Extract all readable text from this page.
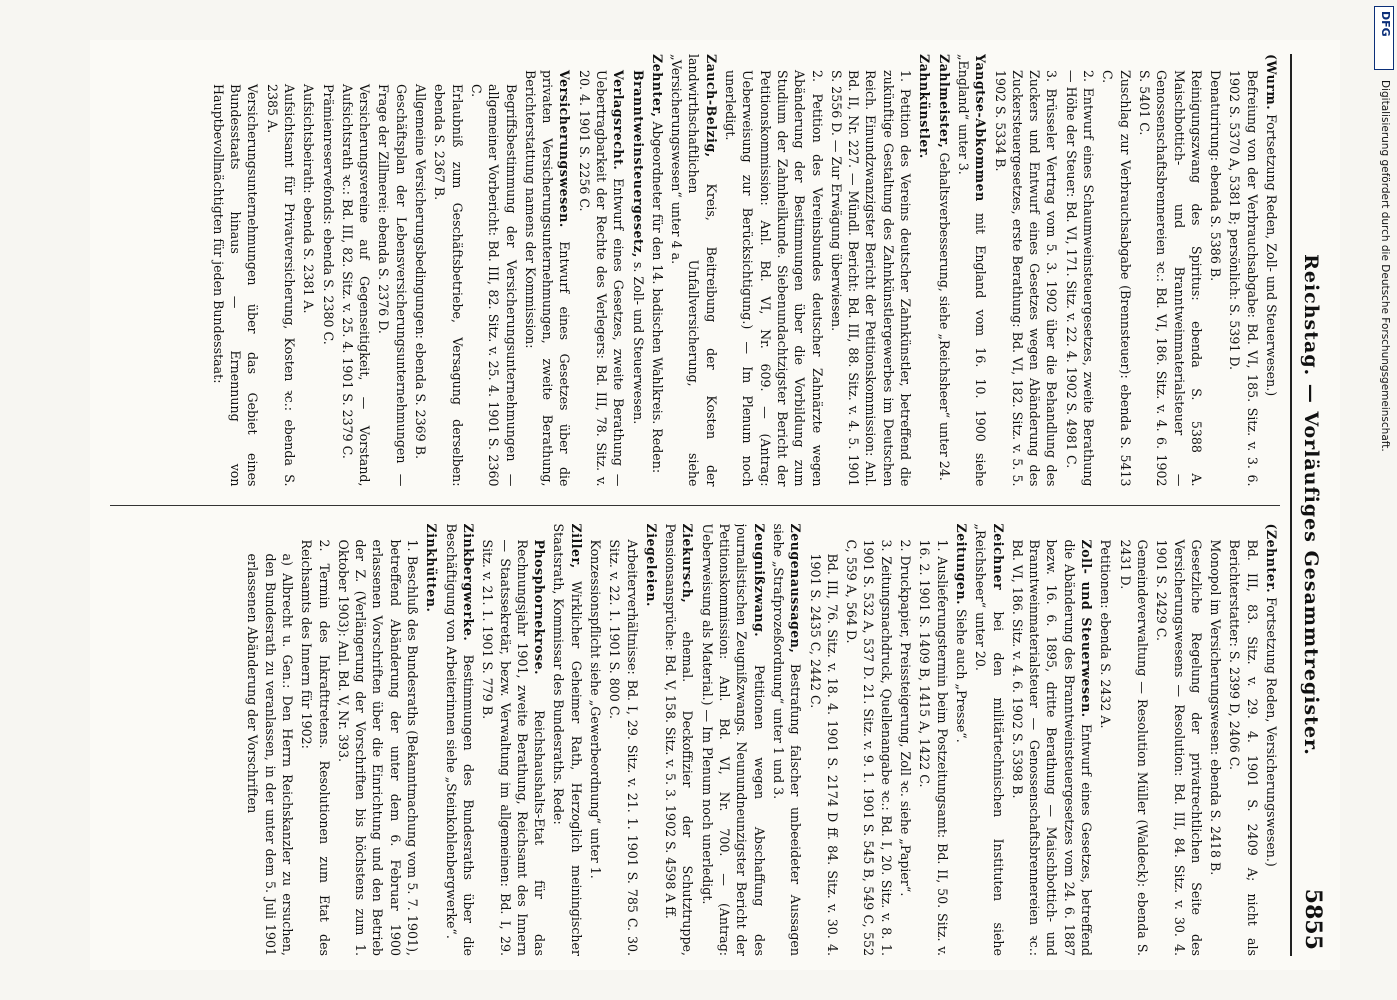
Reichstag. — Vorläufiges Gesammtregister.
5855

(Wurm. Fortsetzung Reden, Zoll- und Steuerwesen.)

Befreiung von der Verbrauchsabgabe: Bd. VI, 185. Sitz. v. 3. 6. 1902 S. 5370 A, 5381 B; persönlich: S. 5391 D.

Denaturirung: ebenda S. 5386 B.

Reinigungszwang des Spiritus: ebenda S. 5388 A. Maischbottich- und Branntweinmaterialsteuer — Genossenschaftsbrennereien ꝛc.: Bd. VI, 186. Sitz. v. 4. 6. 1902 S. 5401 C.

Zuschlag zur Verbrauchsabgabe (Brennsteuer): ebenda S. 5413 C.

2. Entwurf eines Schaumweinsteuergesetzes, zweite Berathung — Höhe der Steuer: Bd. VI, 171. Sitz. v. 22. 4. 1902 S. 4981 C.

3. Brüsseler Vertrag vom 5. 3. 1902 über die Behandlung des Zuckers und Entwurf eines Gesetzes wegen Abänderung des Zuckersteuergesetzes, erste Berathung: Bd. VI, 182. Sitz. v. 5. 5. 1902 S. 5334 B.

Yangtse-Abkommen mit England vom 16. 10. 1900 siehe „England“ unter 3.

Zahlmeister, Gehaltsverbesserung, siehe „Reichsheer“ unter 24.

Zahnkünstler.

1. Petition des Vereins deutscher Zahnkünstler, betreffend die zukünftige Gestaltung des Zahnkünstlergewerbes im Deutschen Reich. Einundzwanzigster Bericht der Petitionskommission: Anl. Bd. II, Nr. 227. — Mündl. Bericht: Bd. III, 88. Sitz. v. 4. 5. 1901 S. 2556 D. — Zur Erwägung überwiesen.

2. Petition des Vereinsbundes deutscher Zahnärzte wegen Abänderung der Bestimmungen über die Vorbildung zum Studium der Zahnheilkunde. Siebenundachtzigster Bericht der Petitionskommission: Anl. Bd. VI, Nr. 609. — (Antrag: Ueberweisung zur Berücksichtigung.) — Im Plenum noch unerledigt.

Zauch-Belzig, Kreis, Beitreibung der Kosten der landwirthschaftlichen Unfallversicherung, siehe „Versicherungswesen“ unter 4 a.

Zehnter, Abgeordneter für den 14. badischen Wahlkreis. Reden:

Branntweinsteuergesetz, s. Zoll- und Steuerwesen.

Verlagsrecht. Entwurf eines Gesetzes, zweite Berathung — Uebertragbarkeit der Rechte des Verlegers: Bd. III, 78. Sitz. v. 20. 4. 1901 S. 2256 C.

Versicherungswesen. Entwurf eines Gesetzes über die privaten Versicherungsunternehmungen, zweite Berathung, Berichterstattung namens der Kommission:

Begriffsbestimmung der Versicherungsunternehmungen — allgemeiner Vorbericht: Bd. III, 82. Sitz. v. 25. 4. 1901 S. 2360 C.

Erlaubniß zum Geschäftsbetriebe, Versagung derselben: ebenda S. 2367 B.

Allgemeine Versicherungsbedingungen: ebenda S. 2369 B.

Geschäftsplan der Lebensversicherungsunternehmungen — Frage der Zillmerei: ebenda S. 2376 D.

Versicherungsvereine auf Gegenseitigkeit, — Vorstand, Aufsichtsrath ꝛc.: Bd. III, 82. Sitz. v. 25. 4. 1901 S. 2379 C.

Prämienreservefonds: ebenda S. 2380 C.

Aufsichtsbeirath: ebenda S. 2381 A.

Aufsichtsamt für Privatversicherung, Kosten ꝛc.: ebenda S. 2385 A.

Versicherungsunternehmungen über das Gebiet eines Bundesstaats hinaus — Ernennung von Hauptbevollmächtigten für jeden Bundesstaat:

(Zehnter. Fortsetzung Reden, Versicherungswesen.)

Bd. III, 83. Sitz. v. 29. 4. 1901 S. 2409 A; nicht als Berichterstatter: S. 2399 D, 2406 C.

Monopol im Versicherungswesen: ebenda S. 2418 B.

Gesetzliche Regelung der privatrechtlichen Seite des Versicherungswesens — Resolution: Bd. III, 84. Sitz. v. 30. 4. 1901 S. 2429 C.

Gemeindeverwaltung — Resolution Müller (Waldeck): ebenda S. 2431 D.

Petitionen: ebenda S. 2432 A.

Zoll- und Steuerwesen. Entwurf eines Gesetzes, betreffend die Abänderung des Branntweinsteuergesetzes vom 24. 6. 1887 bezw. 16. 6. 1895, dritte Berathung — Maischbottich- und Branntweinmaterialsteuer — Genossenschaftsbrennereien ꝛc.: Bd. VI, 186. Sitz. v. 4. 6. 1902 S. 5398 B.

Zeichner bei den militärtechnischen Instituten siehe „Reichsheer“ unter 20.

Zeitungen. Siehe auch „Presse“.

1. Auslieferungstermin beim Postzeitungsamt: Bd. II, 50. Sitz. v. 16. 2. 1901 S. 1409 B, 1415 A, 1422 C.

2. Druckpapier, Preissteigerung, Zoll ꝛc. siehe „Papier“.

3. Zeitungsnachdruck, Quellenangabe ꝛc.: Bd. I, 20. Sitz. v. 8. 1. 1901 S. 532 A, 537 D. 21. Sitz. v. 9. 1. 1901 S. 545 B, 549 C, 552 C, 559 A, 564 D.

Bd. III, 76. Sitz. v. 18. 4. 1901 S. 2174 D ff. 84. Sitz. v. 30. 4. 1901 S. 2435 C, 2442 C.

Zeugenaussagen, Bestrafung falscher unbeeideter Aussagen siehe „Strafprozeßordnung“ unter 1 und 3.

Zeugnißzwang. Petitionen wegen Abschaffung des journalistischen Zeugnißzwangs. Neunundneunzigster Bericht der Petitionskommission: Anl. Bd. VI, Nr. 700. — (Antrag: Ueberweisung als Material.) — Im Plenum noch unerledigt.

Ziekursch, ehemal. Deckoffizier der Schutztruppe, Pensionsansprüche: Bd. V, 158. Sitz. v. 5. 3. 1902 S. 4598 A ff.

Ziegeleien.

Arbeiterverhältnisse: Bd. I, 29. Sitz. v. 21. 1. 1901 S. 785 C. 30. Sitz. v. 22. 1. 1901 S. 800 C.

Konzessionspflicht siehe „Gewerbeordnung“ unter 1.

Ziller, Wirklicher Geheimer Rath, Herzoglich meiningischer Staatsrath, Kommissar des Bundesraths. Rede:

Phosphornekrose. Reichshaushalts-Etat für das Rechnungsjahr 1901, zweite Berathung, Reichsamt des Innern — Staatssekretär, bezw. Verwaltung im allgemeinen: Bd. I, 29. Sitz. v. 21. 1. 1901 S. 779 B.

Zinkbergwerke. Bestimmungen des Bundesraths über die Beschäftigung von Arbeiterinnen siehe „Steinkohlenbergwerke“.

Zinkhütten.

1. Beschluß des Bundesraths (Bekanntmachung vom 5. 7. 1901), betreffend Abänderung der unter dem 6. Februar 1900 erlassenen Vorschriften über die Einrichtung und den Betrieb der Z. (Verlängerung der Vorschriften bis höchstens zum 1. Oktober 1903): Anl. Bd. V, Nr. 393.

2. Termin des Inkrafttretens. Resolutionen zum Etat des Reichsamts des Innern für 1902:

a) Albrecht u. Gen.: Den Herrn Reichskanzler zu ersuchen, den Bundesrath zu veranlassen, in der unter dem 5. Juli 1901 erlassenen Abänderung der Vorschriften

Digitalisierung gefördert durch die Deutsche Forschungsgemeinschaft.
DFG
